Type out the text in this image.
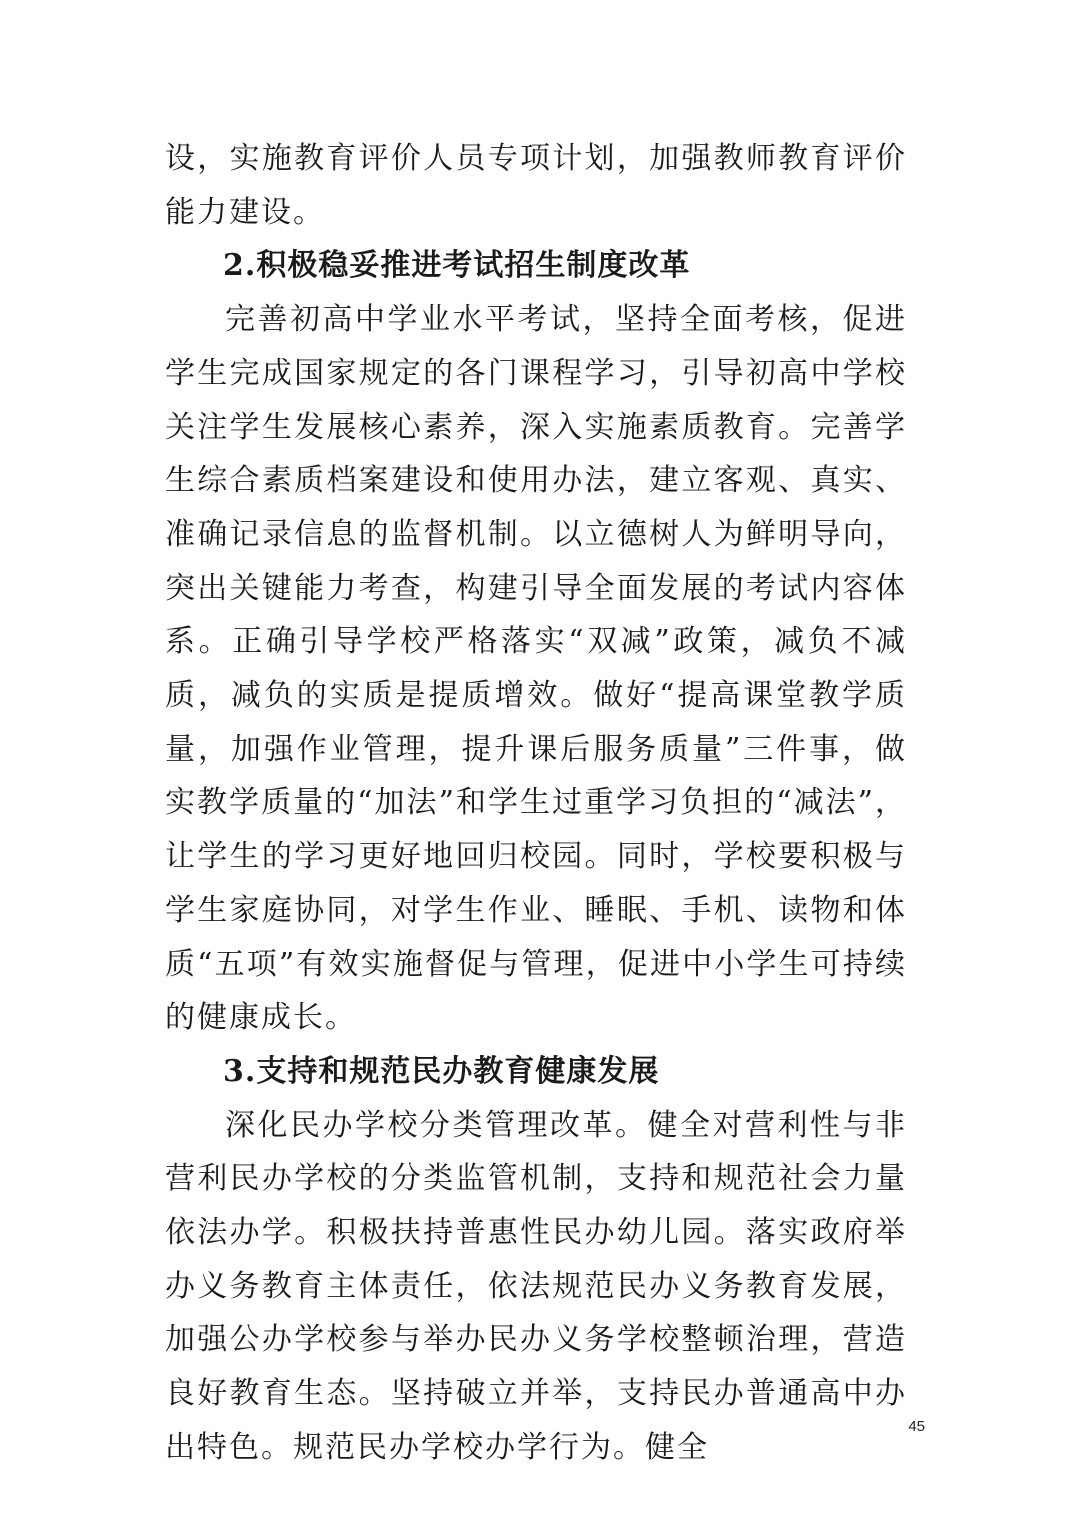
设，实施教育评价人员专项计划，加强教师教育评价能力建设。

2.积极稳妥推进考试招生制度改革

完善初高中学业水平考试，坚持全面考核，促进学生完成国家规定的各门课程学习，引导初高中学校关注学生发展核心素养，深入实施素质教育。完善学生综合素质档案建设和使用办法，建立客观、真实、准确记录信息的监督机制。以立德树人为鲜明导向，突出关键能力考查，构建引导全面发展的考试内容体系。正确引导学校严格落实“双减”政策，减负不减质，减负的实质是提质增效。做好“提高课堂教学质量，加强作业管理，提升课后服务质量”三件事，做实教学质量的“加法”和学生过重学习负担的“减法”，让学生的学习更好地回归校园。同时，学校要积极与学生家庭协同，对学生作业、睡眠、手机、读物和体质“五项”有效实施督促与管理，促进中小学生可持续的健康成长。

3.支持和规范民办教育健康发展

深化民办学校分类管理改革。健全对营利性与非营利民办学校的分类监管机制，支持和规范社会力量依法办学。积极扶持普惠性民办幼儿园。落实政府举办义务教育主体责任，依法规范民办义务教育发展，加强公办学校参与举办民办义务学校整顿治理，营造良好教育生态。坚持破立并举，支持民办普通高中办出特色。规范民办学校办学行为。健全

45
